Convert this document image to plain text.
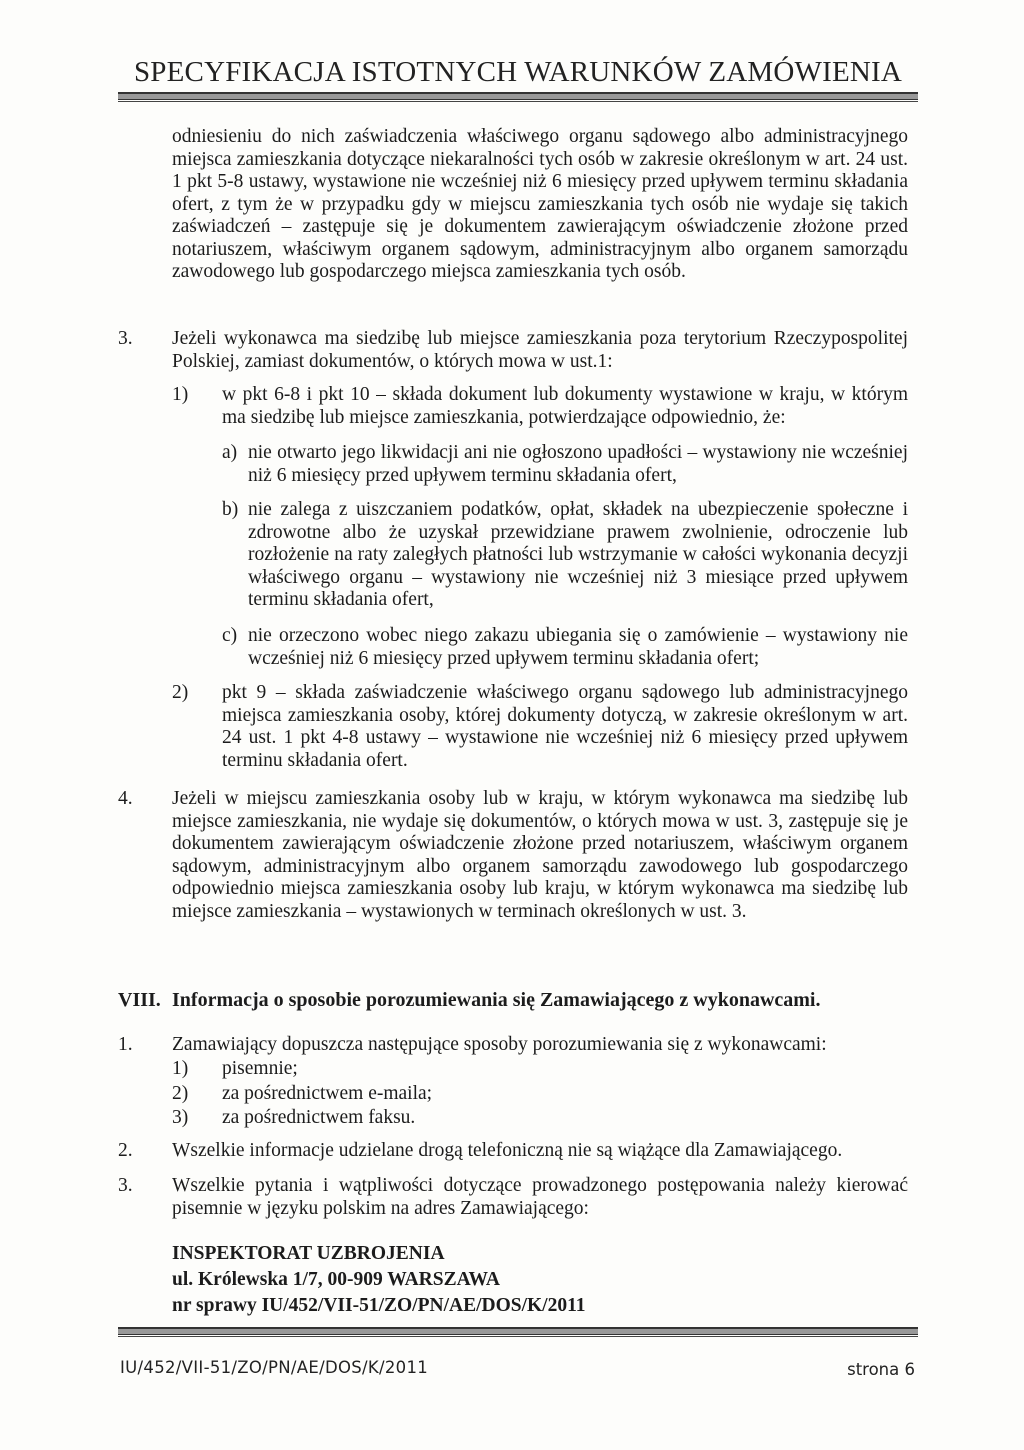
SPECYFIKACJA ISTOTNYCH WARUNKÓW ZAMÓWIENIA
odniesieniu do nich zaświadczenia właściwego organu sądowego albo administracyjnego miejsca zamieszkania dotyczące niekaralności tych osób w zakresie określonym w art. 24 ust. 1 pkt 5-8 ustawy, wystawione nie wcześniej niż 6 miesięcy przed upływem terminu składania ofert, z tym że w przypadku gdy w miejscu zamieszkania tych osób nie wydaje się takich zaświadczeń – zastępuje się je dokumentem zawierającym oświadczenie złożone przed notariuszem, właściwym organem sądowym, administracyjnym albo organem samorządu zawodowego lub gospodarczego miejsca zamieszkania tych osób.
3. Jeżeli wykonawca ma siedzibę lub miejsce zamieszkania poza terytorium Rzeczypospolitej Polskiej, zamiast dokumentów, o których mowa w ust.1:
1) w pkt 6-8 i pkt 10 – składa dokument lub dokumenty wystawione w kraju, w którym ma siedzibę lub miejsce zamieszkania, potwierdzające odpowiednio, że:
a) nie otwarto jego likwidacji ani nie ogłoszono upadłości – wystawiony nie wcześniej niż 6 miesięcy przed upływem terminu składania ofert,
b) nie zalega z uiszczaniem podatków, opłat, składek na ubezpieczenie społeczne i zdrowotne albo że uzyskał przewidziane prawem zwolnienie, odroczenie lub rozłożenie na raty zaległych płatności lub wstrzymanie w całości wykonania decyzji właściwego organu – wystawiony nie wcześniej niż 3 miesiące przed upływem terminu składania ofert,
c) nie orzeczono wobec niego zakazu ubiegania się o zamówienie – wystawiony nie wcześniej niż 6 miesięcy przed upływem terminu składania ofert;
2) pkt 9 – składa zaświadczenie właściwego organu sądowego lub administracyjnego miejsca zamieszkania osoby, której dokumenty dotyczą, w zakresie określonym w art. 24 ust. 1 pkt 4-8 ustawy – wystawione nie wcześniej niż 6 miesięcy przed upływem terminu składania ofert.
4. Jeżeli w miejscu zamieszkania osoby lub w kraju, w którym wykonawca ma siedzibę lub miejsce zamieszkania, nie wydaje się dokumentów, o których mowa w ust. 3, zastępuje się je dokumentem zawierającym oświadczenie złożone przed notariuszem, właściwym organem sądowym, administracyjnym albo organem samorządu zawodowego lub gospodarczego odpowiednio miejsca zamieszkania osoby lub kraju, w którym wykonawca ma siedzibę lub miejsce zamieszkania – wystawionych w terminach określonych w ust. 3.
VIII. Informacja o sposobie porozumiewania się Zamawiającego z wykonawcami.
1. Zamawiający dopuszcza następujące sposoby porozumiewania się z wykonawcami:
1) pisemnie;
2) za pośrednictwem e-maila;
3) za pośrednictwem faksu.
2. Wszelkie informacje udzielane drogą telefoniczną nie są wiążące dla Zamawiającego.
3. Wszelkie pytania i wątpliwości dotyczące prowadzonego postępowania należy kierować pisemnie w języku polskim na adres Zamawiającego:
INSPEKTORAT UZBROJENIA
ul. Królewska 1/7, 00-909 WARSZAWA
nr sprawy IU/452/VII-51/ZO/PN/AE/DOS/K/2011
IU/452/VII-51/ZO/PN/AE/DOS/K/2011	strona 6
